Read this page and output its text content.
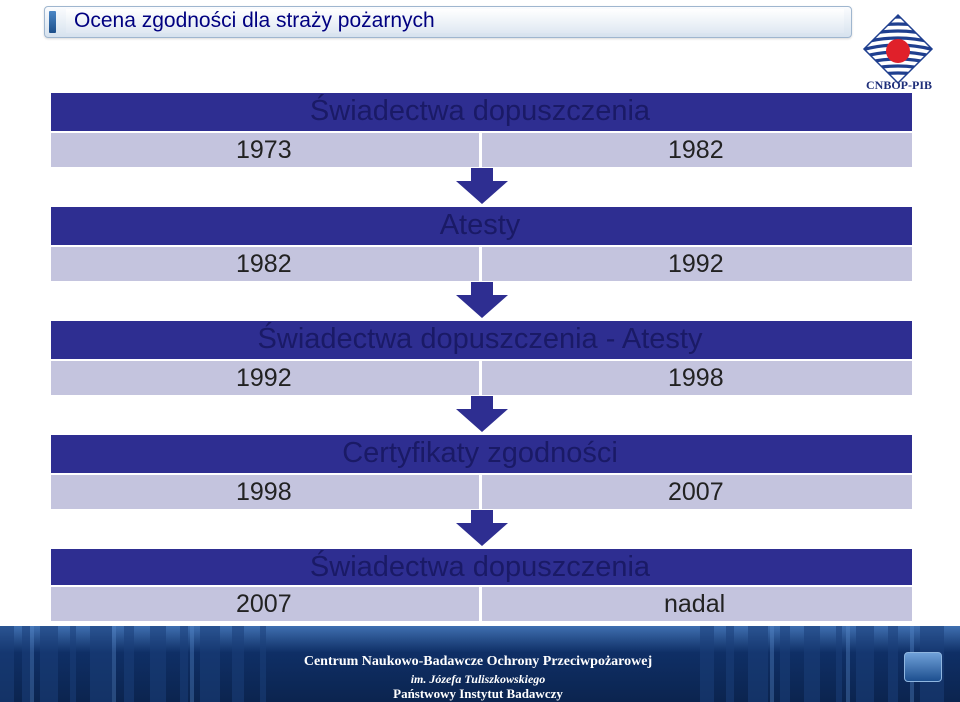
Ocena zgodności dla straży pożarnych
CNBOP-PIB
Świadectwa dopuszczenia
1973	1982
Atesty
1982	1992
Świadectwa dopuszczenia - Atesty
1992	1998
Certyfikaty zgodności
1998	2007
Świadectwa dopuszczenia
2007	nadal
Centrum Naukowo-Badawcze Ochrony Przeciwpożarowej
im. Józefa Tuliszkowskiego
Państwowy Instytut Badawczy
